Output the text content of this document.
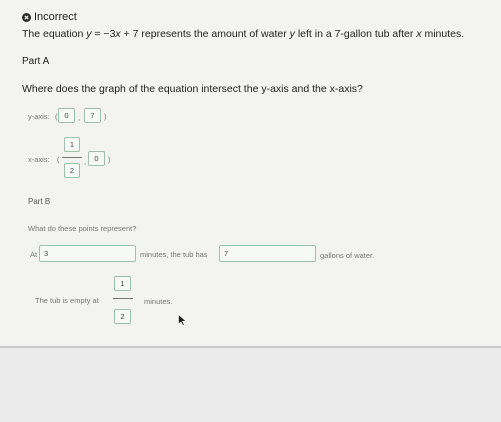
Incorrect
The equation y = −3x + 7 represents the amount of water y left in a 7-gallon tub after x minutes.
Part A
Where does the graph of the equation intersect the y-axis and the x-axis?
y-axis: ( 0	,	7	)
x-axis: (
1
2
,	0	)
Part B
What do these points represent?
At 3	minutes, the tub has	7	gallons of water.
The tub is empty at
1
2
minutes.
